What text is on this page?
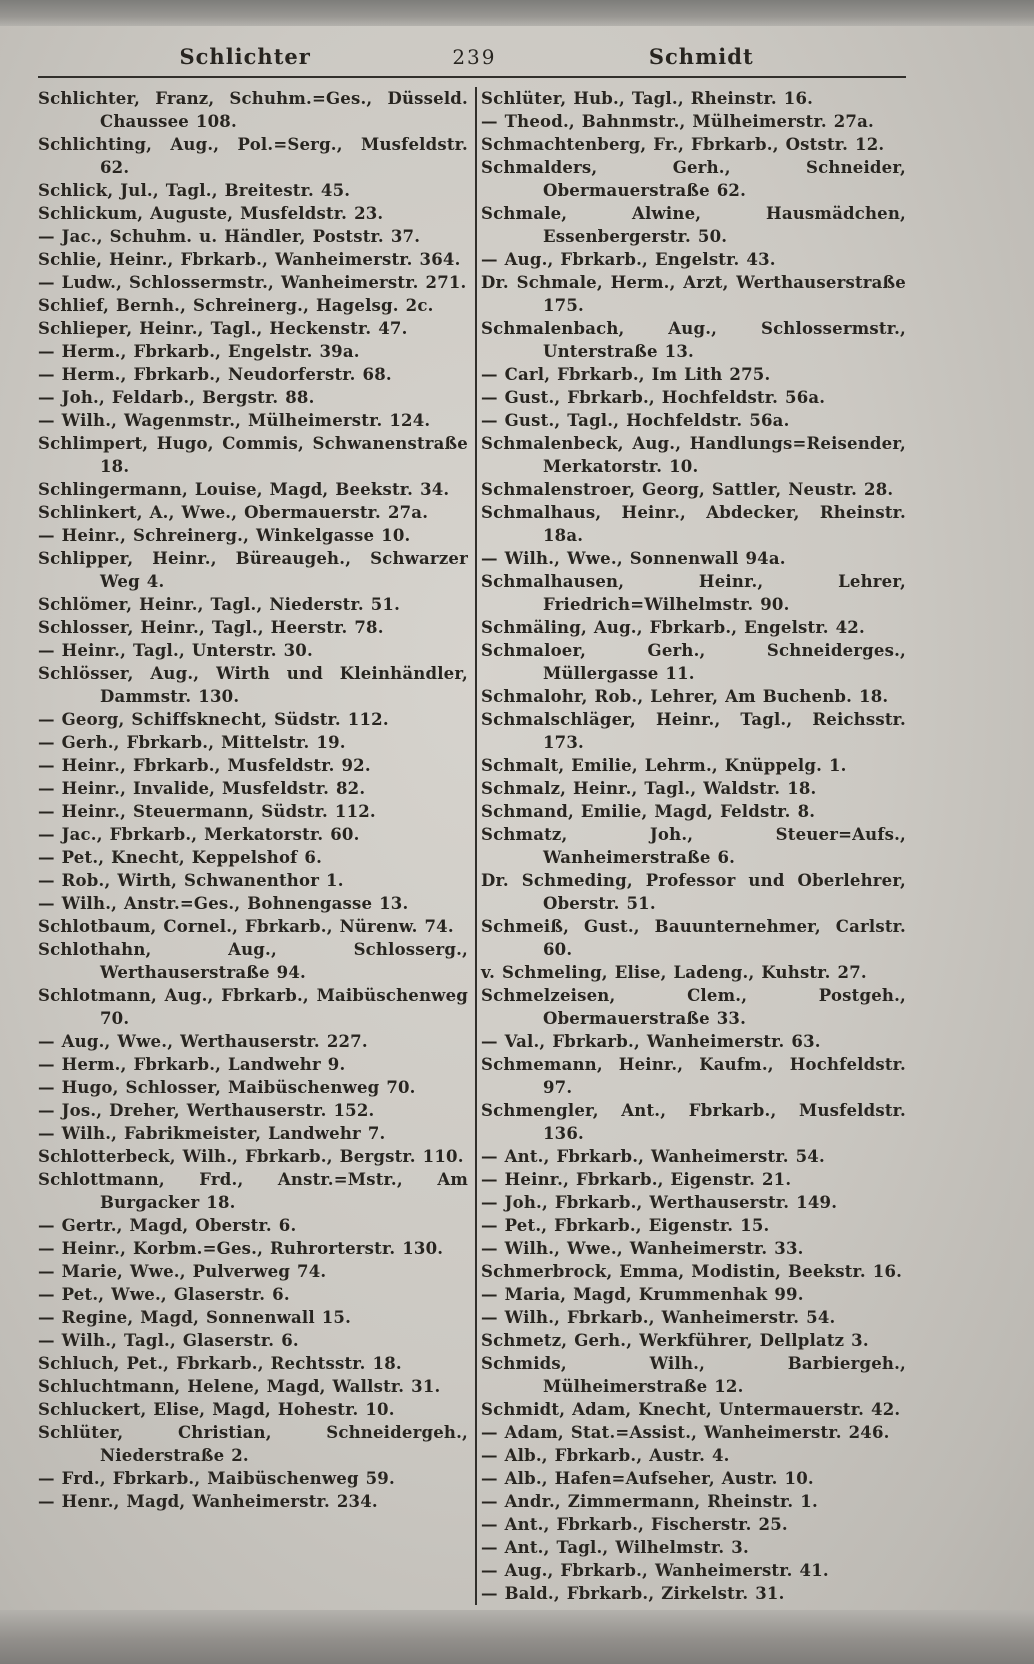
Schlichter	239	Schmidt
Schlichter, Franz, Schuhm.=Ges., Düsseld. Chaussee 108.
Schlichting, Aug., Pol.=Serg., Musfeldstr. 62.
Schlick, Jul., Tagl., Breitestr. 45.
Schlickum, Auguste, Musfeldstr. 23.
— Jac., Schuhm. u. Händler, Poststr. 37.
Schlie, Heinr., Fbrkarb., Wanheimerstr. 364.
— Ludw., Schlossermstr., Wanheimerstr. 271.
Schlief, Bernh., Schreinerg., Hagelsg. 2c.
Schlieper, Heinr., Tagl., Heckenstr. 47.
— Herm., Fbrkarb., Engelstr. 39a.
— Herm., Fbrkarb., Neudorferstr. 68.
— Joh., Feldarb., Bergstr. 88.
— Wilh., Wagenmstr., Mülheimerstr. 124.
Schlimpert, Hugo, Commis, Schwanenstraße 18.
Schlingermann, Louise, Magd, Beekstr. 34.
Schlinkert, A., Wwe., Obermauerstr. 27a.
— Heinr., Schreinerg., Winkelgasse 10.
Schlipper, Heinr., Büreaugeh., Schwarzer Weg 4.
Schlömer, Heinr., Tagl., Niederstr. 51.
Schlosser, Heinr., Tagl., Heerstr. 78.
— Heinr., Tagl., Unterstr. 30.
Schlösser, Aug., Wirth und Kleinhändler, Dammstr. 130.
— Georg, Schiffsknecht, Südstr. 112.
— Gerh., Fbrkarb., Mittelstr. 19.
— Heinr., Fbrkarb., Musfeldstr. 92.
— Heinr., Invalide, Musfeldstr. 82.
— Heinr., Steuermann, Südstr. 112.
— Jac., Fbrkarb., Merkatorstr. 60.
— Pet., Knecht, Keppelshof 6.
— Rob., Wirth, Schwanenthor 1.
— Wilh., Anstr.=Ges., Bohnengasse 13.
Schlotbaum, Cornel., Fbrkarb., Nürenw. 74.
Schlothahn, Aug., Schlosserg., Werthauserstraße 94.
Schlotmann, Aug., Fbrkarb., Maibüschenweg 70.
— Aug., Wwe., Werthauserstr. 227.
— Herm., Fbrkarb., Landwehr 9.
— Hugo, Schlosser, Maibüschenweg 70.
— Jos., Dreher, Werthauserstr. 152.
— Wilh., Fabrikmeister, Landwehr 7.
Schlotterbeck, Wilh., Fbrkarb., Bergstr. 110.
Schlottmann, Frd., Anstr.=Mstr., Am Burgacker 18.
— Gertr., Magd, Oberstr. 6.
— Heinr., Korbm.=Ges., Ruhrorterstr. 130.
— Marie, Wwe., Pulverweg 74.
— Pet., Wwe., Glaserstr. 6.
— Regine, Magd, Sonnenwall 15.
— Wilh., Tagl., Glaserstr. 6.
Schluch, Pet., Fbrkarb., Rechtsstr. 18.
Schluchtmann, Helene, Magd, Wallstr. 31.
Schluckert, Elise, Magd, Hohestr. 10.
Schlüter, Christian, Schneidergeh., Niederstraße 2.
— Frd., Fbrkarb., Maibüschenweg 59.
— Henr., Magd, Wanheimerstr. 234.
Schlüter, Hub., Tagl., Rheinstr. 16.
— Theod., Bahnmstr., Mülheimerstr. 27a.
Schmachtenberg, Fr., Fbrkarb., Oststr. 12.
Schmalders, Gerh., Schneider, Obermauerstraße 62.
Schmale, Alwine, Hausmädchen, Essenbergerstr. 50.
— Aug., Fbrkarb., Engelstr. 43.
Dr. Schmale, Herm., Arzt, Werthauserstraße 175.
Schmalenbach, Aug., Schlossermstr., Unterstraße 13.
— Carl, Fbrkarb., Im Lith 275.
— Gust., Fbrkarb., Hochfeldstr. 56a.
— Gust., Tagl., Hochfeldstr. 56a.
Schmalenbeck, Aug., Handlungs=Reisender, Merkatorstr. 10.
Schmalenstroer, Georg, Sattler, Neustr. 28.
Schmalhaus, Heinr., Abdecker, Rheinstr. 18a.
— Wilh., Wwe., Sonnenwall 94a.
Schmalhausen, Heinr., Lehrer, Friedrich=Wilhelmstr. 90.
Schmäling, Aug., Fbrkarb., Engelstr. 42.
Schmaloer, Gerh., Schneiderges., Müllergasse 11.
Schmalohr, Rob., Lehrer, Am Buchenb. 18.
Schmalschläger, Heinr., Tagl., Reichsstr. 173.
Schmalt, Emilie, Lehrm., Knüppelg. 1.
Schmalz, Heinr., Tagl., Waldstr. 18.
Schmand, Emilie, Magd, Feldstr. 8.
Schmatz, Joh., Steuer=Aufs., Wanheimerstraße 6.
Dr. Schmeding, Professor und Oberlehrer, Oberstr. 51.
Schmeiß, Gust., Bauunternehmer, Carlstr. 60.
v. Schmeling, Elise, Ladeng., Kuhstr. 27.
Schmelzeisen, Clem., Postgeh., Obermauerstraße 33.
— Val., Fbrkarb., Wanheimerstr. 63.
Schmemann, Heinr., Kaufm., Hochfeldstr. 97.
Schmengler, Ant., Fbrkarb., Musfeldstr. 136.
— Ant., Fbrkarb., Wanheimerstr. 54.
— Heinr., Fbrkarb., Eigenstr. 21.
— Joh., Fbrkarb., Werthauserstr. 149.
— Pet., Fbrkarb., Eigenstr. 15.
— Wilh., Wwe., Wanheimerstr. 33.
Schmerbrock, Emma, Modistin, Beekstr. 16.
— Maria, Magd, Krummenhak 99.
— Wilh., Fbrkarb., Wanheimerstr. 54.
Schmetz, Gerh., Werkführer, Dellplatz 3.
Schmids, Wilh., Barbiergeh., Mülheimerstraße 12.
Schmidt, Adam, Knecht, Untermauerstr. 42.
— Adam, Stat.=Assist., Wanheimerstr. 246.
— Alb., Fbrkarb., Austr. 4.
— Alb., Hafen=Aufseher, Austr. 10.
— Andr., Zimmermann, Rheinstr. 1.
— Ant., Fbrkarb., Fischerstr. 25.
— Ant., Tagl., Wilhelmstr. 3.
— Aug., Fbrkarb., Wanheimerstr. 41.
— Bald., Fbrkarb., Zirkelstr. 31.
